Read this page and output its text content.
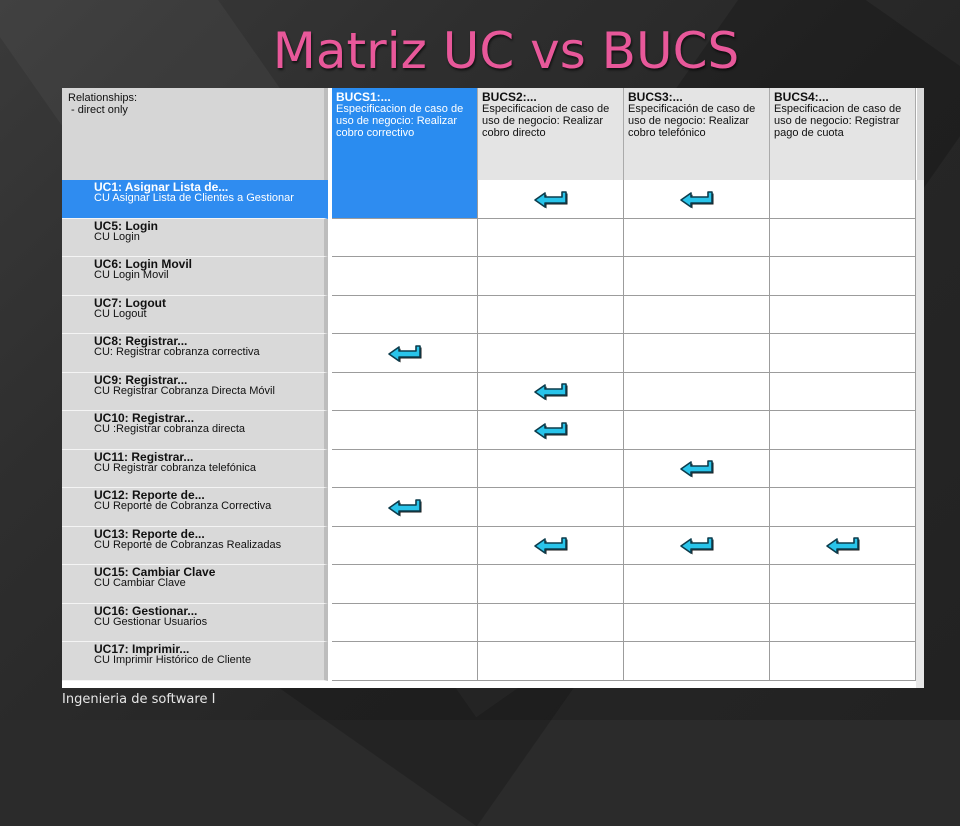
Matriz UC vs BUCS
Relationships:
- direct only
BUCS1:...
Especificacion de caso de uso de negocio: Realizar cobro correctivo
BUCS2:...
Especificacion de caso de uso de negocio: Realizar cobro directo
BUCS3:...
Especificación de caso de uso de negocio: Realizar cobro telefónico
BUCS4:...
Especificacion de caso de uso de negocio: Registrar pago de cuota
UC1: Asignar Lista de...
CU Asignar Lista de Clientes a Gestionar
UC5: Login
CU Login
UC6: Login Movil
CU Login Movil
UC7: Logout
CU Logout
UC8: Registrar...
CU: Registrar cobranza correctiva
UC9: Registrar...
CU Registrar Cobranza Directa Móvil
UC10: Registrar...
CU :Registrar cobranza directa
UC11: Registrar...
CU Registrar cobranza telefónica
UC12: Reporte de...
CU Reporte de Cobranza Correctiva
UC13: Reporte de...
CU Reporte de Cobranzas Realizadas
UC15: Cambiar Clave
CU Cambiar Clave
UC16: Gestionar...
CU Gestionar Usuarios
UC17: Imprimir...
CU Imprimir Histórico de Cliente
Ingenieria de software I
